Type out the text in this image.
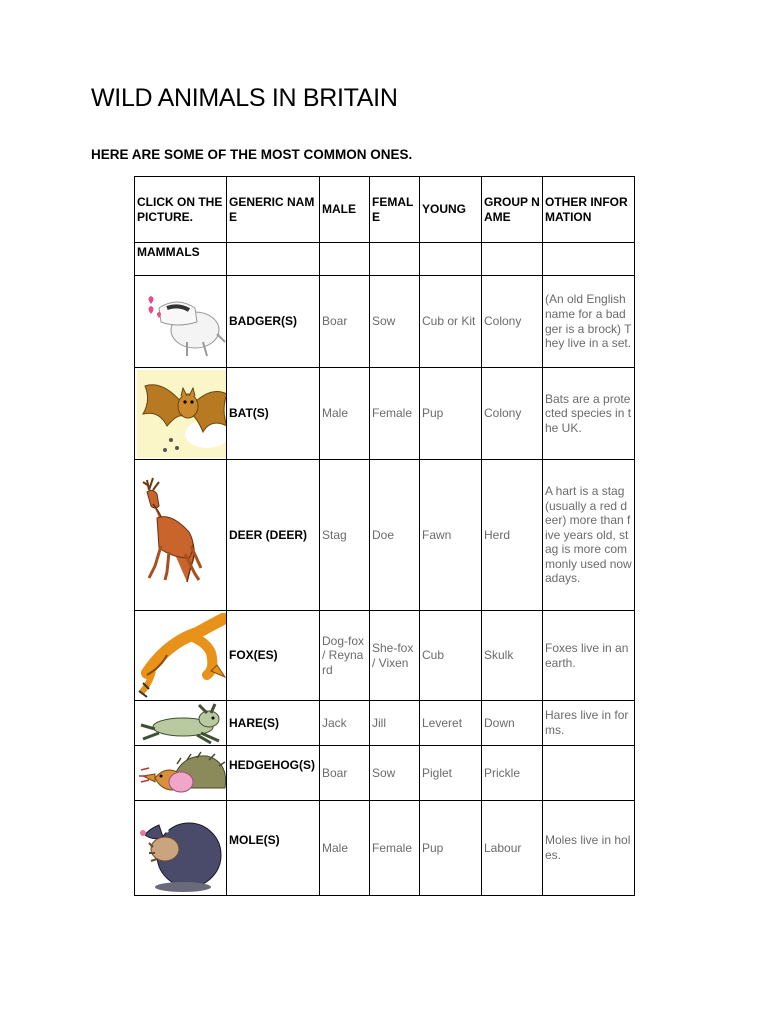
WILD ANIMALS IN BRITAIN
HERE ARE SOME OF THE MOST COMMON ONES.
CLICK ON THE PICTURE.	GENERIC NAME	MALE	FEMALE	YOUNG	GROUP NAME	OTHER INFORMATION
MAMMALS						

	BADGER(S)	Boar	Sow	Cub or Kit	Colony	(An old English name for a badger is a brock) They live in a set.

	BAT(S)	Male	Female	Pup	Colony	Bats are a protected species in the UK.

	DEER (DEER)	Stag	Doe	Fawn	Herd	A hart is a stag (usually a red deer) more than five years old, stag is more commonly used nowadays.

	FOX(ES)	Dog-fox / Reynard	She-fox / Vixen	Cub	Skulk	Foxes live in an earth.

	HARE(S)	Jack	Jill	Leveret	Down	Hares live in forms.

	HEDGEHOG(S)	Boar	Sow	Piglet	Prickle	

	MOLE(S)	Male	Female	Pup	Labour	Moles live in holes.
